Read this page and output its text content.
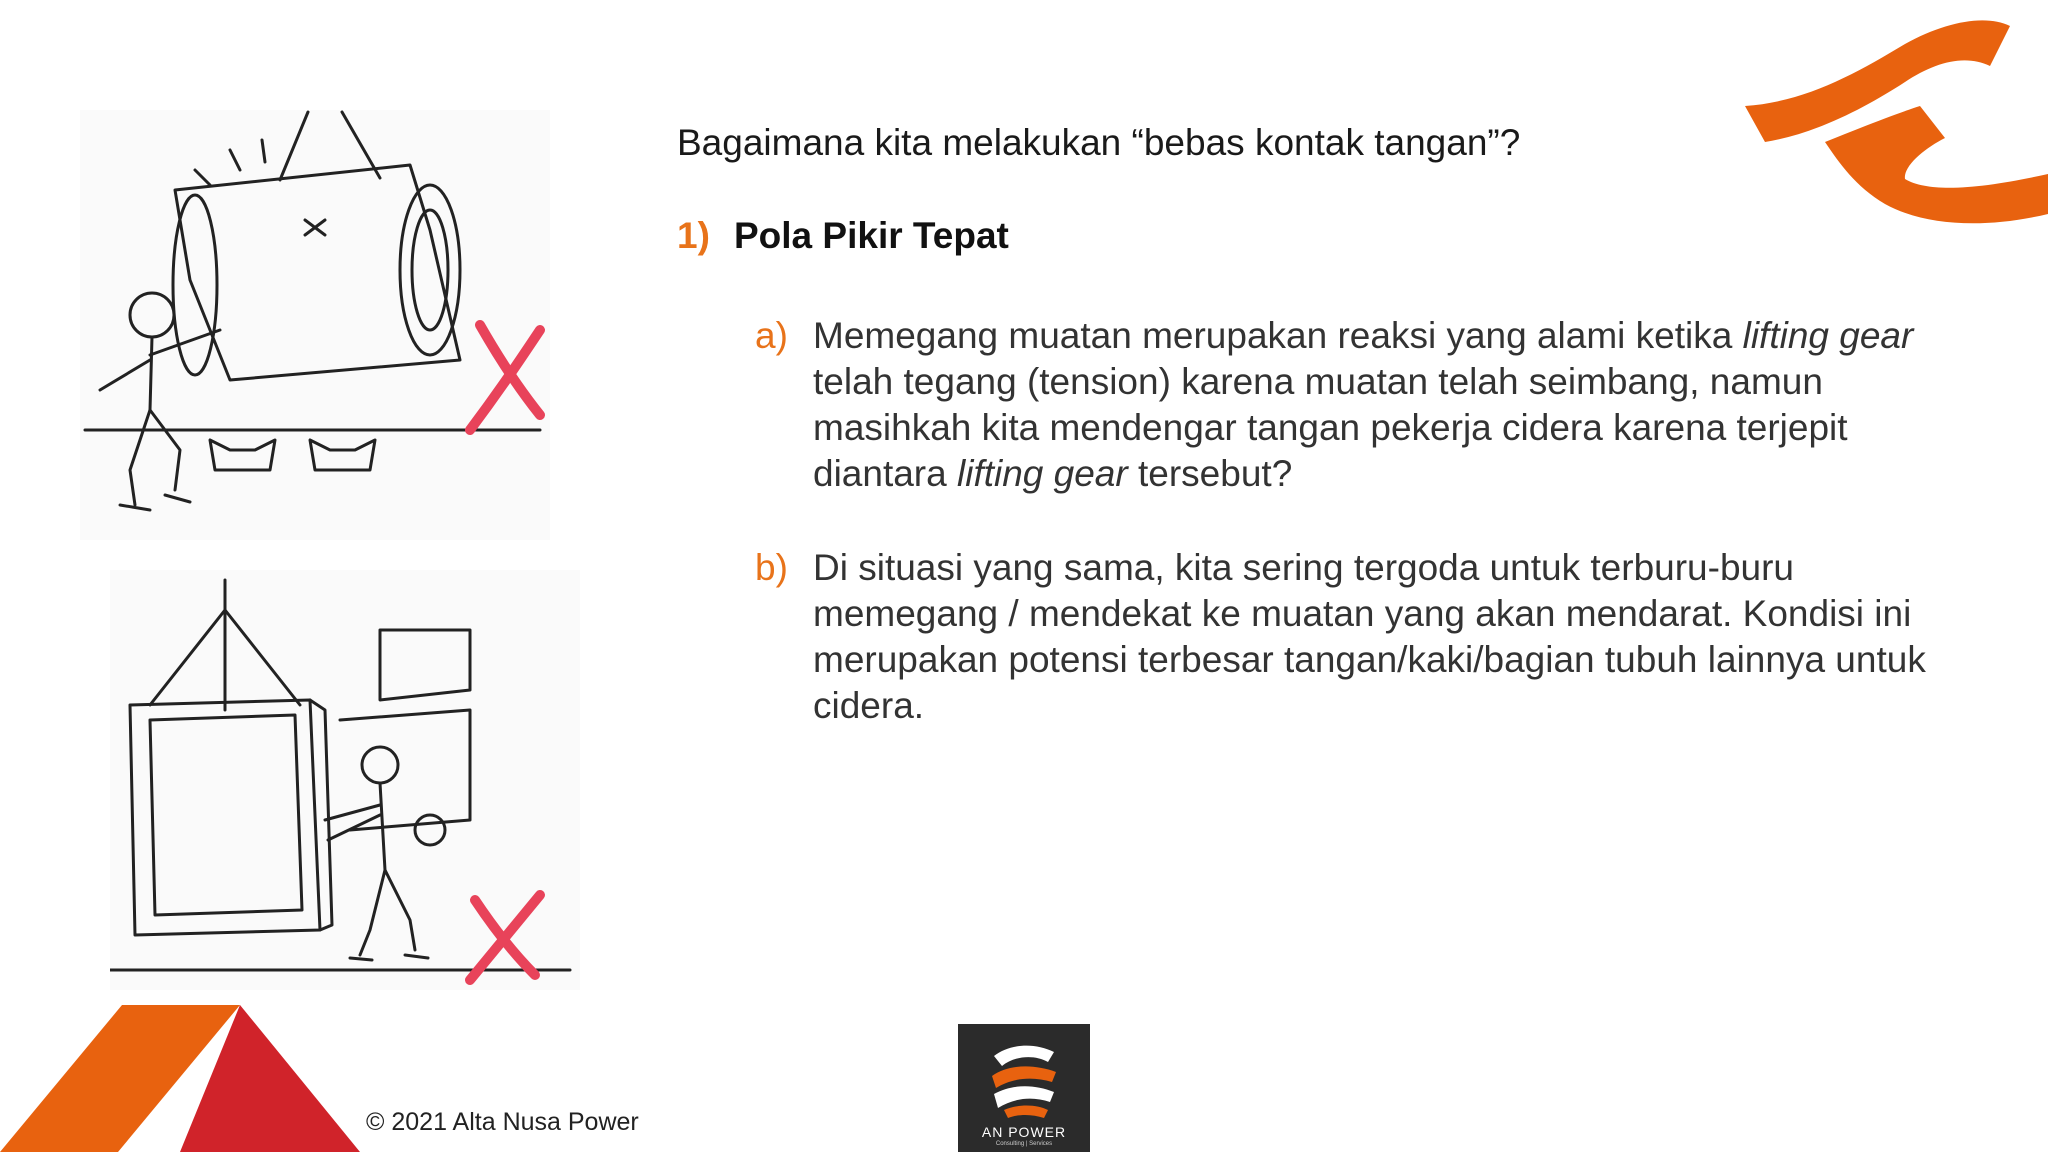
Bagaimana kita melakukan “bebas kontak tangan”?

1) Pola Pikir Tepat
a) Memegang muatan merupakan reaksi yang alami ketika lifting gear telah tegang (tension) karena muatan telah seimbang, namun masihkah kita mendengar tangan pekerja cidera karena terjepit diantara lifting gear tersebut?
b) Di situasi yang sama, kita sering tergoda untuk terburu-buru memegang / mendekat ke muatan yang akan mendarat. Kondisi ini merupakan potensi terbesar tangan/kaki/bagian tubuh lainnya untuk cidera.
© 2021 Alta Nusa Power	AN POWER
Consulting | Services
